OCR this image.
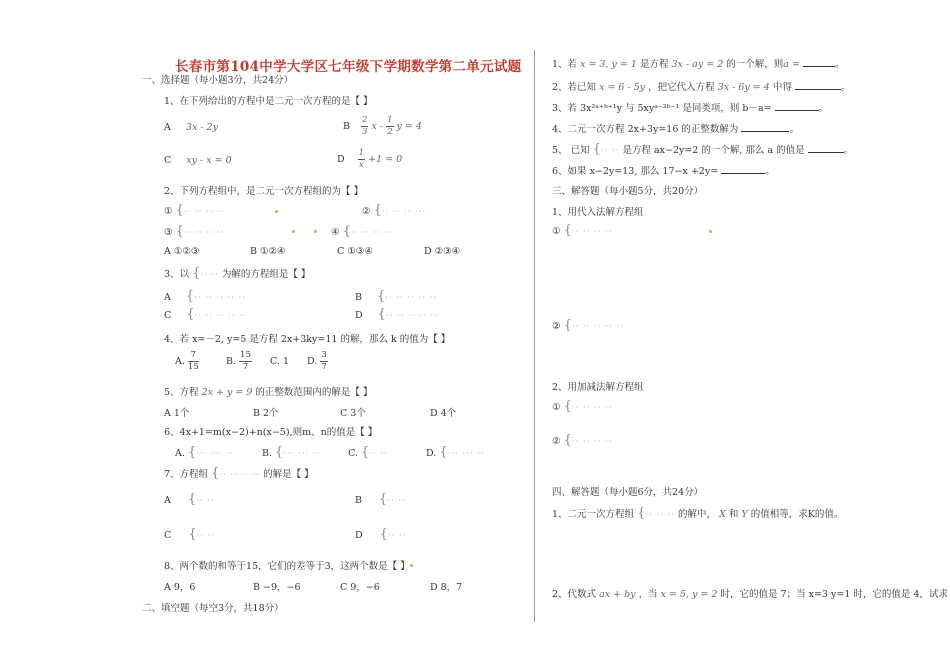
长春市第104中学大学区七年级下学期数学第二单元试题
一、选择题（每小题3分，共24分）
1、在下列给出的方程中是二元一次方程的是【 】
A 3x - 2y	B $\frac{2}{3}$ x - $\frac{1}{2}$ y = 4
C xy - x = 0	D $\frac{1}{x} +1 = 0$
2、下列方程组中，是二元一次方程组的为【 】
① {·· ·· ·· ··	② {·· ·· ·· ···
③ {·· ·· ·· ··	④ {·· ·· ·· ··
A ①②③	B ①②④	C ①③④	D ②③④
3、以 {·· ·· 为解的方程组是【 】
A {·· ·· ·· ·· ··	B {·· ·· ·· ·· ··
C {·· ·· ·· ·· ··	D {·· ·· ·· ·· ··
4、若 x=－2, y=5 是方程 2x+3ky=11 的解，那么 k 的值为【 】
A. $\frac{7}{15}$	B. $\frac{15}{7} C$. 1 D. $\frac{3}{7}$
5、方程 2x + y = 9 的正整数范围内的解是【 】
A 1个	B 2个	C 3个	D 4个
6、4x+1=m(x−2)+n(x−5),则m、n的值是【 】
A. {··· ··· ··	B. {··· ··· ··	C. {·· ··	D. {··· ··· ··
7、方程组 {·· ·· ·· ·· 的解是【 】
A {·· ··	B {·· ··
C {·· ··	D {·· ··
8、两个数的和等于15，它们的差等于3，这两个数是【 】
A 9，6	B −9，−6	C 9，−6	D 8，7
二、填空题（每空3分，共18分）
1、若 x = 3, y = 1 是方程 3x - ay = 2 的一个解，则a =	。
2、若已知 x = 6 - 5y ，把它代入方程 3x - 6y = 4 中得	。
3、若 3x²ᵃ⁺ᵇ⁺¹y 与 5xyᵃ⁻²ᵇ⁻¹ 是同类项，则 b－a=	。
4、二元一次方程 2x+3y=16 的正整数解为	。
5、 已知 {·· ·· 是方程 ax−2y=2 的一个解, 那么 a 的值是	。
6、如果 x−2y=13, 那么 17−x +2y=	。
三、解答题（每小题5分，共20分）
1、用代入法解方程组
① {·· ·· ·· ··
② {·· ·· ·· ·· ··
2、用加减法解方程组
① {·· ·· ·· ··
② {·· ·· ·· ··
四、解答题（每小题6分，共24分）
1、二元一次方程组 {·· ·· ·· 的解中， X 和 Y 的值相等，求K的值。
2、代数式 ax + by ，当 x = 5, y = 2 时，它的值是 7；当 x=3 y=1 时，它的值是 4，试求
